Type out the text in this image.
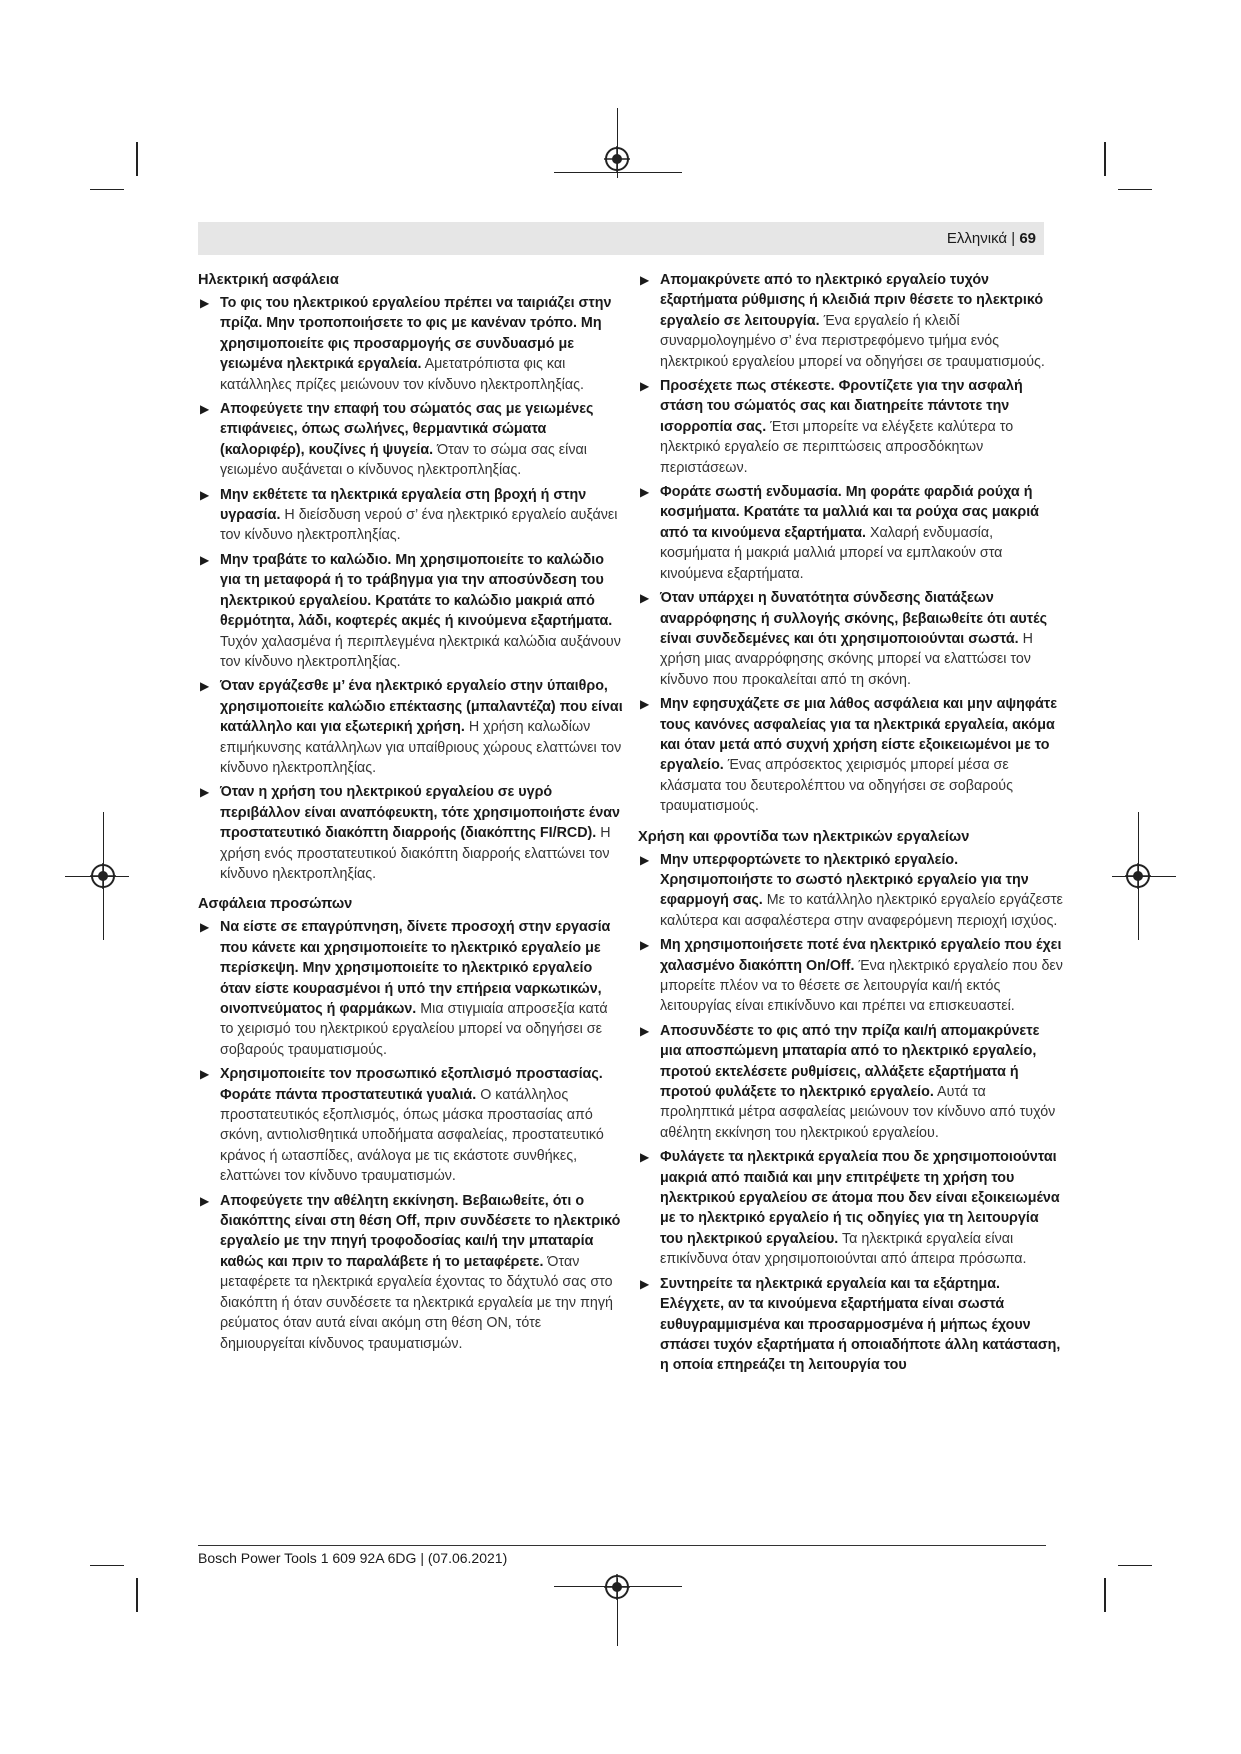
Ελληνικά | 69
Ηλεκτρική ασφάλεια
▶ Το φις του ηλεκτρικού εργαλείου πρέπει να ταιριάζει στην πρίζα. Μην τροποποιήσετε το φις με κανέναν τρόπο. Μη χρησιμοποιείτε φις προσαρμογής σε συνδυασμό με γειωμένα ηλεκτρικά εργαλεία. Αμετατρόπιστα φις και κατάλληλες πρίζες μειώνουν τον κίνδυνο ηλεκτροπληξίας.
▶ Αποφεύγετε την επαφή του σώματός σας με γειωμένες επιφάνειες, όπως σωλήνες, θερμαντικά σώματα (καλοριφέρ), κουζίνες ή ψυγεία. Όταν το σώμα σας είναι γειωμένο αυξάνεται ο κίνδυνος ηλεκτροπληξίας.
▶ Μην εκθέτετε τα ηλεκτρικά εργαλεία στη βροχή ή στην υγρασία. Η διείσδυση νερού σ’ ένα ηλεκτρικό εργαλείο αυξάνει τον κίνδυνο ηλεκτροπληξίας.
▶ Μην τραβάτε το καλώδιο. Μη χρησιμοποιείτε το καλώδιο για τη μεταφορά ή το τράβηγμα για την αποσύνδεση του ηλεκτρικού εργαλείου. Κρατάτε το καλώδιο μακριά από θερμότητα, λάδι, κοφτερές ακμές ή κινούμενα εξαρτήματα. Τυχόν χαλασμένα ή περιπλεγμένα ηλεκτρικά καλώδια αυξάνουν τον κίνδυνο ηλεκτροπληξίας.
▶ Όταν εργάζεσθε μ’ ένα ηλεκτρικό εργαλείο στην ύπαιθρο, χρησιμοποιείτε καλώδιο επέκτασης (μπαλαντέζα) που είναι κατάλληλο και για εξωτερική χρήση. Η χρήση καλωδίων επιμήκυνσης κατάλληλων για υπαίθριους χώρους ελαττώνει τον κίνδυνο ηλεκτροπληξίας.
▶ Όταν η χρήση του ηλεκτρικού εργαλείου σε υγρό περιβάλλον είναι αναπόφευκτη, τότε χρησιμοποιήστε έναν προστατευτικό διακόπτη διαρροής (διακόπτης FI/RCD). Η χρήση ενός προστατευτικού διακόπτη διαρροής ελαττώνει τον κίνδυνο ηλεκτροπληξίας.
Ασφάλεια προσώπων
▶ Να είστε σε επαγρύπνηση, δίνετε προσοχή στην εργασία που κάνετε και χρησιμοποιείτε το ηλεκτρικό εργαλείο με περίσκεψη. Μην χρησιμοποιείτε το ηλεκτρικό εργαλείο όταν είστε κουρασμένοι ή υπό την επήρεια ναρκωτικών, οινοπνεύματος ή φαρμάκων. Μια στιγμιαία απροσεξία κατά το χειρισμό του ηλεκτρικού εργαλείου μπορεί να οδηγήσει σε σοβαρούς τραυματισμούς.
▶ Χρησιμοποιείτε τον προσωπικό εξοπλισμό προστασίας. Φοράτε πάντα προστατευτικά γυαλιά. Ο κατάλληλος προστατευτικός εξοπλισμός, όπως μάσκα προστασίας από σκόνη, αντιολισθητικά υποδήματα ασφαλείας, προστατευτικό κράνος ή ωτασπίδες, ανάλογα με τις εκάστοτε συνθήκες, ελαττώνει τον κίνδυνο τραυματισμών.
▶ Αποφεύγετε την αθέλητη εκκίνηση. Βεβαιωθείτε, ότι ο διακόπτης είναι στη θέση Off, πριν συνδέσετε το ηλεκτρικό εργαλείο με την πηγή τροφοδοσίας και/ή την μπαταρία καθώς και πριν το παραλάβετε ή το μεταφέρετε. Όταν μεταφέρετε τα ηλεκτρικά εργαλεία έχοντας το δάχτυλό σας στο διακόπτη ή όταν συνδέσετε τα ηλεκτρικά εργαλεία με την πηγή ρεύματος όταν αυτά είναι ακόμη στη θέση ON, τότε δημιουργείται κίνδυνος τραυματισμών.
▶ Απομακρύνετε από το ηλεκτρικό εργαλείο τυχόν εξαρτήματα ρύθμισης ή κλειδιά πριν θέσετε το ηλεκτρικό εργαλείο σε λειτουργία. Ένα εργαλείο ή κλειδί συναρμολογημένο σ’ ένα περιστρεφόμενο τμήμα ενός ηλεκτρικού εργαλείου μπορεί να οδηγήσει σε τραυματισμούς.
▶ Προσέχετε πως στέκεστε. Φροντίζετε για την ασφαλή στάση του σώματός σας και διατηρείτε πάντοτε την ισορροπία σας. Έτσι μπορείτε να ελέγξετε καλύτερα το ηλεκτρικό εργαλείο σε περιπτώσεις απροσδόκητων περιστάσεων.
▶ Φοράτε σωστή ενδυμασία. Μη φοράτε φαρδιά ρούχα ή κοσμήματα. Κρατάτε τα μαλλιά και τα ρούχα σας μακριά από τα κινούμενα εξαρτήματα. Χαλαρή ενδυμασία, κοσμήματα ή μακριά μαλλιά μπορεί να εμπλακούν στα κινούμενα εξαρτήματα.
▶ Όταν υπάρχει η δυνατότητα σύνδεσης διατάξεων αναρρόφησης ή συλλογής σκόνης, βεβαιωθείτε ότι αυτές είναι συνδεδεμένες και ότι χρησιμοποιούνται σωστά. Η χρήση μιας αναρρόφησης σκόνης μπορεί να ελαττώσει τον κίνδυνο που προκαλείται από τη σκόνη.
▶ Μην εφησυχάζετε σε μια λάθος ασφάλεια και μην αψηφάτε τους κανόνες ασφαλείας για τα ηλεκτρικά εργαλεία, ακόμα και όταν μετά από συχνή χρήση είστε εξοικειωμένοι με το εργαλείο. Ένας απρόσεκτος χειρισμός μπορεί μέσα σε κλάσματα του δευτερολέπτου να οδηγήσει σε σοβαρούς τραυματισμούς.
Χρήση και φροντίδα των ηλεκτρικών εργαλείων
▶ Μην υπερφορτώνετε το ηλεκτρικό εργαλείο. Χρησιμοποιήστε το σωστό ηλεκτρικό εργαλείο για την εφαρμογή σας. Με το κατάλληλο ηλεκτρικό εργαλείο εργάζεστε καλύτερα και ασφαλέστερα στην αναφερόμενη περιοχή ισχύος.
▶ Μη χρησιμοποιήσετε ποτέ ένα ηλεκτρικό εργαλείο που έχει χαλασμένο διακόπτη On/Off. Ένα ηλεκτρικό εργαλείο που δεν μπορείτε πλέον να το θέσετε σε λειτουργία και/ή εκτός λειτουργίας είναι επικίνδυνο και πρέπει να επισκευαστεί.
▶ Αποσυνδέστε το φις από την πρίζα και/ή απομακρύνετε μια αποσπώμενη μπαταρία από το ηλεκτρικό εργαλείο, προτού εκτελέσετε ρυθμίσεις, αλλάξετε εξαρτήματα ή προτού φυλάξετε το ηλεκτρικό εργαλείο. Αυτά τα προληπτικά μέτρα ασφαλείας μειώνουν τον κίνδυνο από τυχόν αθέλητη εκκίνηση του ηλεκτρικού εργαλείου.
▶ Φυλάγετε τα ηλεκτρικά εργαλεία που δε χρησιμοποιούνται μακριά από παιδιά και μην επιτρέψετε τη χρήση του ηλεκτρικού εργαλείου σε άτομα που δεν είναι εξοικειωμένα με το ηλεκτρικό εργαλείο ή τις οδηγίες για τη λειτουργία του ηλεκτρικού εργαλείου. Τα ηλεκτρικά εργαλεία είναι επικίνδυνα όταν χρησιμοποιούνται από άπειρα πρόσωπα.
▶ Συντηρείτε τα ηλεκτρικά εργαλεία και τα εξάρτημα. Ελέγχετε, αν τα κινούμενα εξαρτήματα είναι σωστά ευθυγραμμισμένα και προσαρμοσμένα ή μήπως έχουν σπάσει τυχόν εξαρτήματα ή οποιαδήποτε άλλη κατάσταση, η οποία επηρεάζει τη λειτουργία του
Bosch Power Tools 1 609 92A 6DG | (07.06.2021)
